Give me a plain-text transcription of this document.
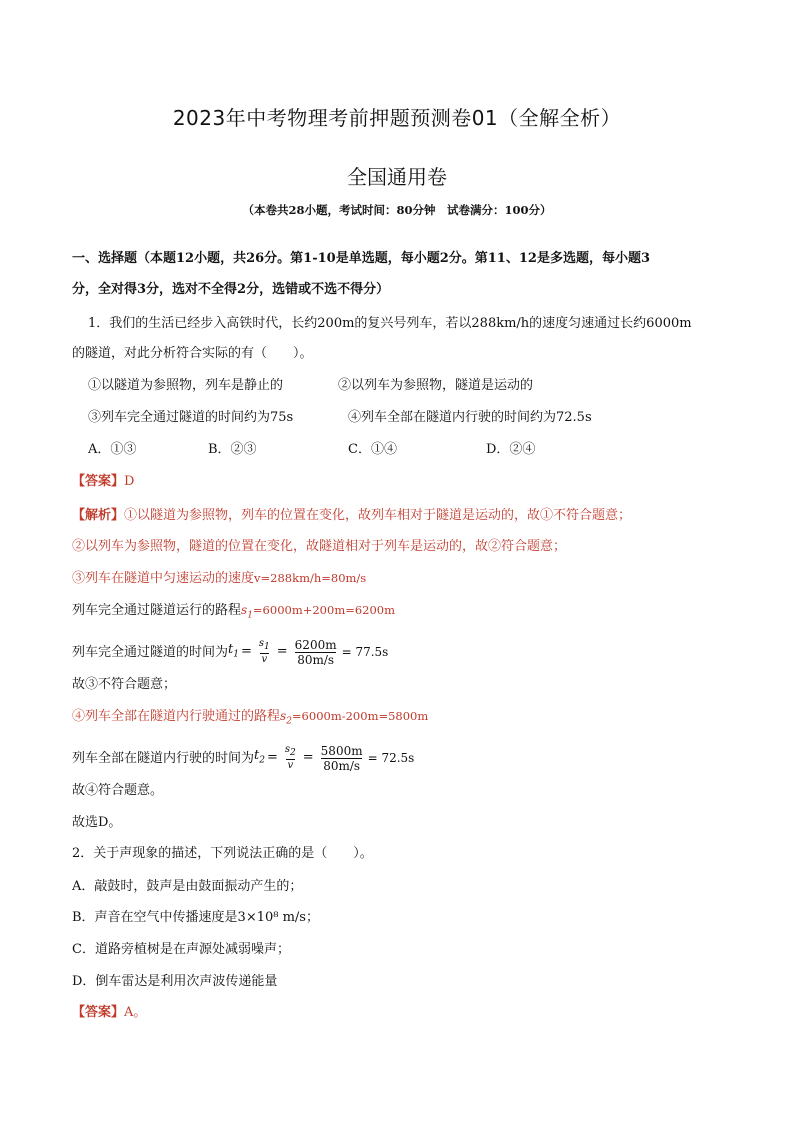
2023年中考物理考前押题预测卷01（全解全析）
全国通用卷
（本卷共28小题，考试时间：80分钟　试卷满分：100分）
一、选择题（本题12小题，共26分。第1-10是单选题，每小题2分。第11、12是多选题，每小题3
分，全对得3分，选对不全得2分，选错或不选不得分）
1．我们的生活已经步入高铁时代，长约200m的复兴号列车，若以288km/h的速度匀速通过长约6000m
的隧道，对此分析符合实际的有（　　）。
①以隧道为参照物，列车是静止的	②以列车为参照物，隧道是运动的
③列车完全通过隧道的时间约为75s	④列车全部在隧道内行驶的时间约为72.5s
A．①③	B．②③	C．①④	D．②④
【答案】D
【解析】①以隧道为参照物，列车的位置在变化，故列车相对于隧道是运动的，故①不符合题意；
②以列车为参照物，隧道的位置在变化，故隧道相对于列车是运动的，故②符合题意；
③列车在隧道中匀速运动的速度v=288km/h=80m/s
列车完全通过隧道运行的路程$s_1=6000m+200m=6200m$
列车完全通过隧道的时间为 $t_1 = \frac{s_1}{v} = \frac{6200m}{80m/s} = 77.5s$
故③不符合题意；
④列车全部在隧道内行驶通过的路程$s_2=6000m-200m=5800m$
列车全部在隧道内行驶的时间为 $t_2 = \frac{s_2}{v} = \frac{5800m}{80m/s} = 72.5s$
故④符合题意。
故选D。
2．关于声现象的描述，下列说法正确的是（　　）。
A．敲鼓时，鼓声是由鼓面振动产生的；
B．声音在空气中传播速度是3×10⁸ m/s；
C．道路旁植树是在声源处减弱噪声；
D．倒车雷达是利用次声波传递能量
【答案】A。
